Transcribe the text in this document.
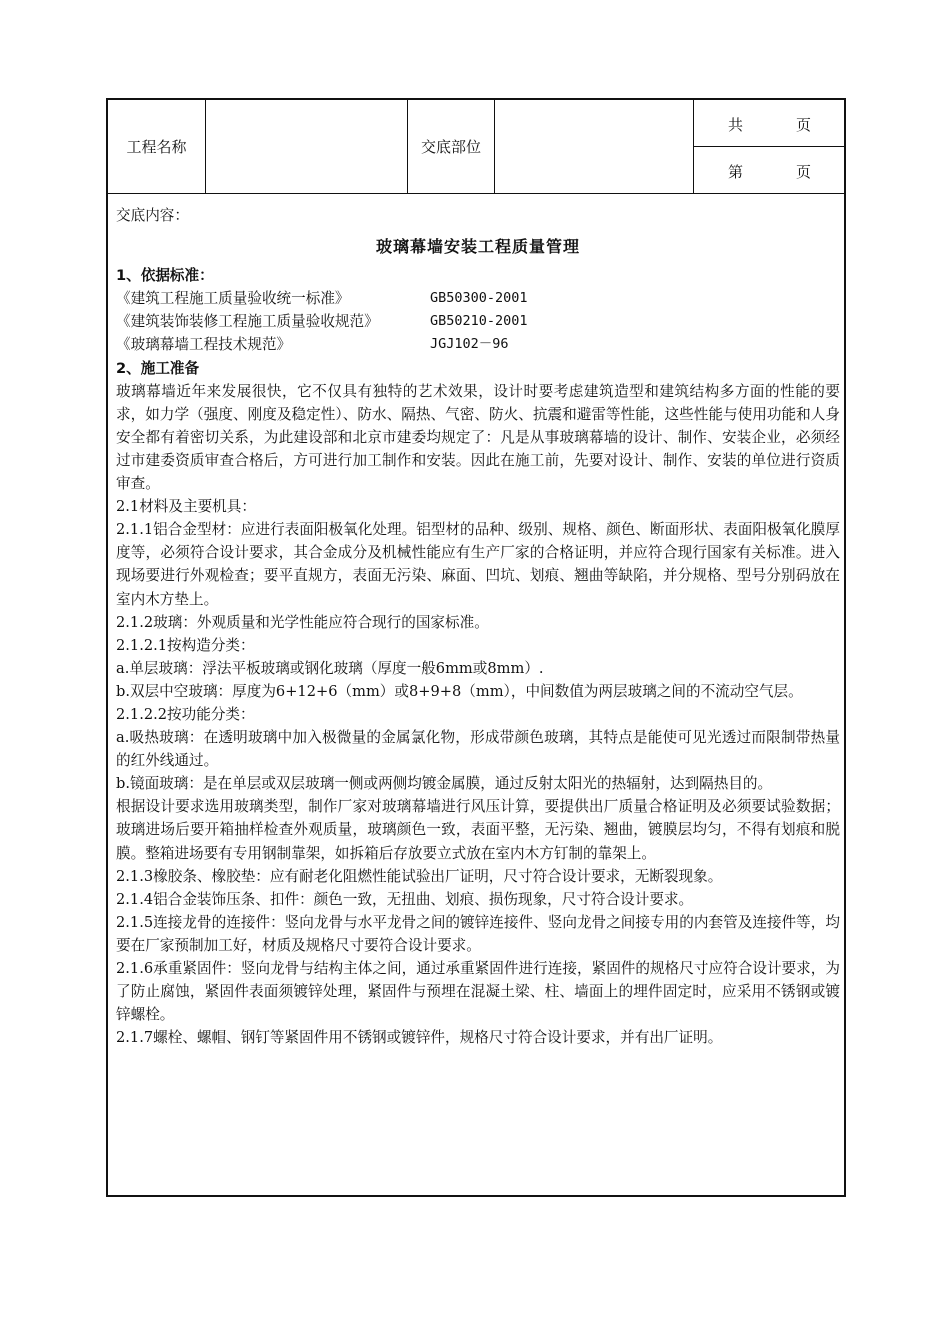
工程名称	交底部位
共	页
第	页

交底内容：

玻璃幕墙安装工程质量管理

1、依据标准：

《建筑工程施工质量验收统一标准》	GB50300-2001
《建筑装饰装修工程施工质量验收规范》	GB50210-2001
《玻璃幕墙工程技术规范》	JGJ102－96

2、施工准备

玻璃幕墙近年来发展很快，它不仅具有独特的艺术效果，设计时要考虑建筑造型和建筑结构多方面的性能的要求，如力学（强度、刚度及稳定性）、防水、隔热、气密、防火、抗震和避雷等性能，这些性能与使用功能和人身安全都有着密切关系，为此建设部和北京市建委均规定了：凡是从事玻璃幕墙的设计、制作、安装企业，必须经过市建委资质审查合格后，方可进行加工制作和安装。因此在施工前，先要对设计、制作、安装的单位进行资质审查。

2.1材料及主要机具：

2.1.1铝合金型材：应进行表面阳极氧化处理。铝型材的品种、级别、规格、颜色、断面形状、表面阳极氧化膜厚度等，必须符合设计要求，其合金成分及机械性能应有生产厂家的合格证明，并应符合现行国家有关标准。进入现场要进行外观检查；要平直规方，表面无污染、麻面、凹坑、划痕、翘曲等缺陷，并分规格、型号分别码放在室内木方垫上。

2.1.2玻璃：外观质量和光学性能应符合现行的国家标准。

2.1.2.1按构造分类：

a.单层玻璃：浮法平板玻璃或钢化玻璃（厚度一般6mm或8mm）.

b.双层中空玻璃：厚度为6+12+6（mm）或8+9+8（mm），中间数值为两层玻璃之间的不流动空气层。

2.1.2.2按功能分类：

a.吸热玻璃：在透明玻璃中加入极微量的金属氯化物，形成带颜色玻璃，其特点是能使可见光透过而限制带热量的红外线通过。

b.镜面玻璃：是在单层或双层玻璃一侧或两侧均镀金属膜，通过反射太阳光的热辐射，达到隔热目的。

根据设计要求选用玻璃类型，制作厂家对玻璃幕墙进行风压计算，要提供出厂质量合格证明及必须要试验数据；玻璃进场后要开箱抽样检查外观质量，玻璃颜色一致，表面平整，无污染、翘曲，镀膜层均匀，不得有划痕和脱膜。整箱进场要有专用钢制靠架，如拆箱后存放要立式放在室内木方钉制的靠架上。

2.1.3橡胶条、橡胶垫：应有耐老化阻燃性能试验出厂证明，尺寸符合设计要求，无断裂现象。

2.1.4铝合金装饰压条、扣件：颜色一致，无扭曲、划痕、损伤现象，尺寸符合设计要求。

2.1.5连接龙骨的连接件：竖向龙骨与水平龙骨之间的镀锌连接件、竖向龙骨之间接专用的内套管及连接件等，均要在厂家预制加工好，材质及规格尺寸要符合设计要求。

2.1.6承重紧固件：竖向龙骨与结构主体之间，通过承重紧固件进行连接，紧固件的规格尺寸应符合设计要求，为了防止腐蚀，紧固件表面须镀锌处理，紧固件与预埋在混凝土梁、柱、墙面上的埋件固定时，应采用不锈钢或镀锌螺栓。

2.1.7螺栓、螺帽、钢钉等紧固件用不锈钢或镀锌件，规格尺寸符合设计要求，并有出厂证明。
